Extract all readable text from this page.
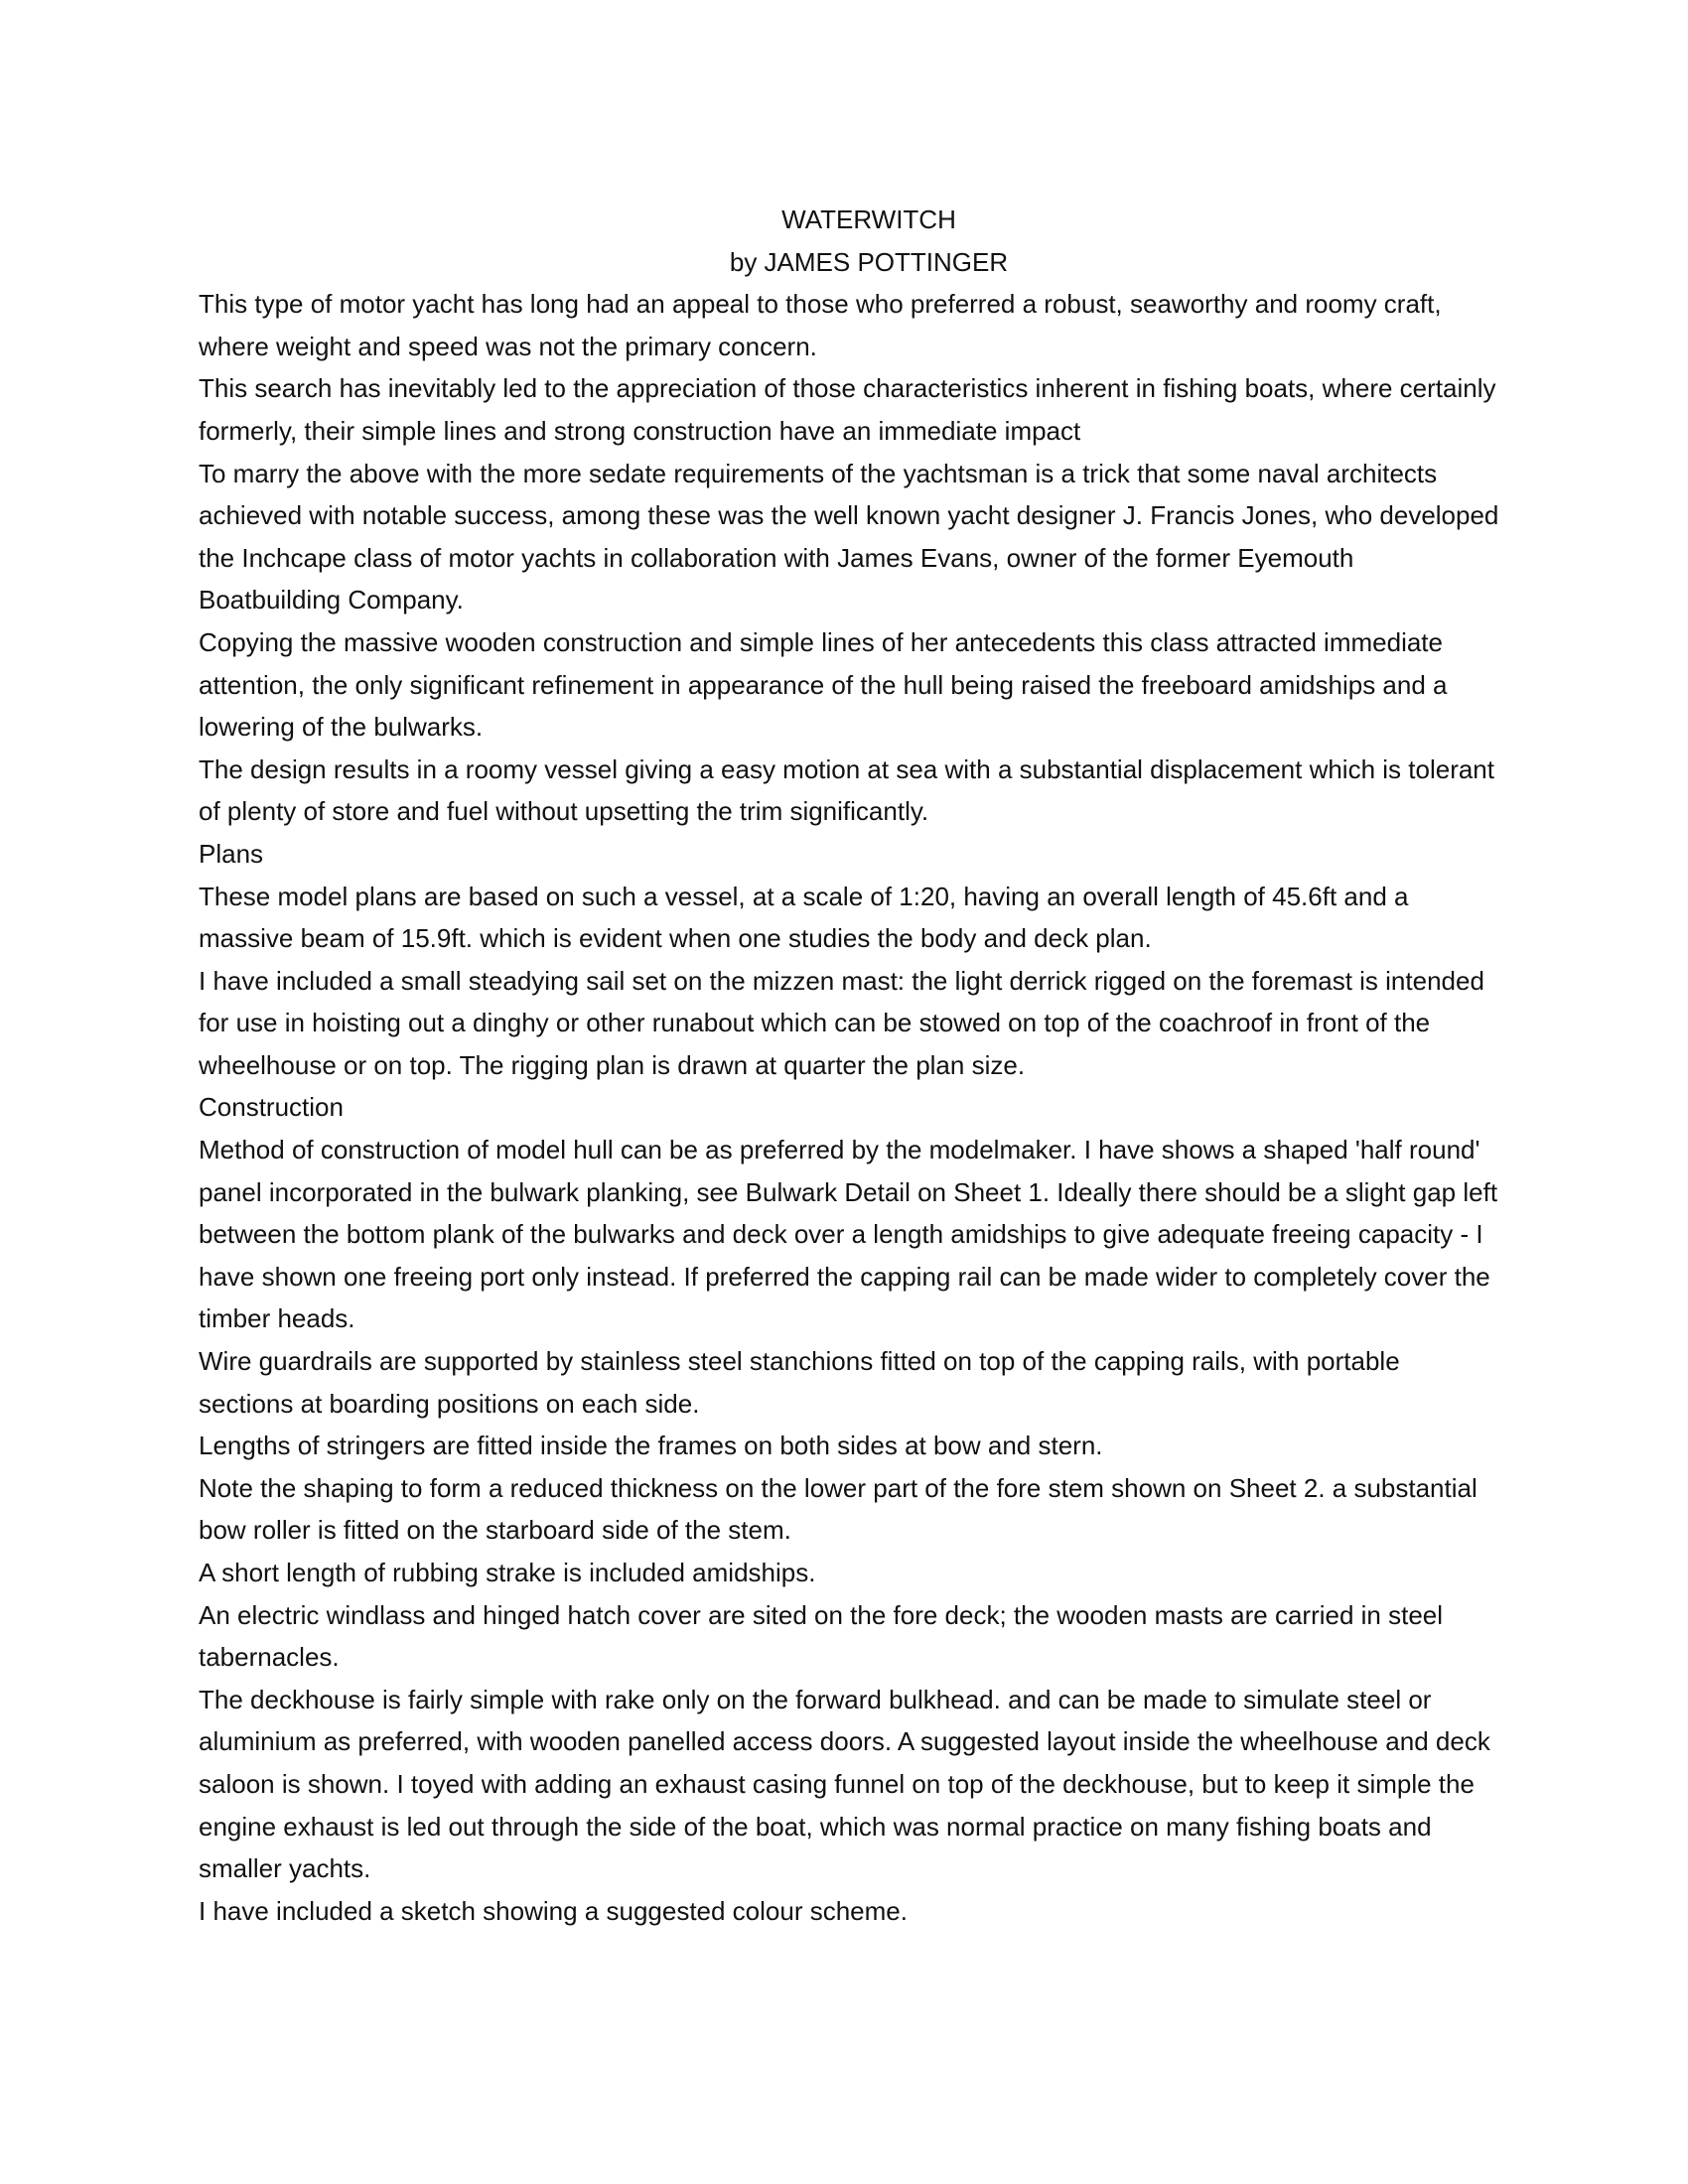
WATERWITCH

by JAMES POTTINGER

This type of motor yacht has long had an appeal to those who preferred a robust, seaworthy and roomy craft, where weight and speed was not the primary concern.

This search has inevitably led to the appreciation of those characteristics inherent in fishing boats, where certainly formerly, their simple lines and strong construction have an immediate impact

To marry the above with the more sedate requirements of the yachtsman is a trick that some naval architects achieved with notable success, among these was the well known yacht designer J. Francis Jones, who developed the Inchcape class of motor yachts in collaboration with James Evans, owner of the former Eyemouth Boatbuilding Company.

Copying the massive wooden construction and simple lines of her antecedents this class attracted immediate attention, the only significant refinement in appearance of the hull being raised the freeboard amidships and a lowering of the bulwarks.

The design results in a roomy vessel giving a easy motion at sea with a substantial displacement which is tolerant of plenty of store and fuel without upsetting the trim significantly.

Plans

These model plans are based on such a vessel, at a scale of 1:20, having an overall length of 45.6ft and a massive beam of 15.9ft. which is evident when one studies the body and deck plan.

I have included a small steadying sail set on the mizzen mast: the light derrick rigged on the foremast is intended for use in hoisting out a dinghy or other runabout which can be stowed on top of the coachroof in front of the wheelhouse or on top. The rigging plan is drawn at quarter the plan size.

Construction

Method of construction of model hull can be as preferred by the modelmaker. I have shows a shaped 'half round' panel incorporated in the bulwark planking, see Bulwark Detail on Sheet 1. Ideally there should be a slight gap left between the bottom plank of the bulwarks and deck over a length amidships to give adequate freeing capacity - I have shown one freeing port only instead. If preferred the capping rail can be made wider to completely cover the timber heads.

Wire guardrails are supported by stainless steel stanchions fitted on top of the capping rails, with portable sections at boarding positions on each side.

Lengths of stringers are fitted inside the frames on both sides at bow and stern.

Note the shaping to form a reduced thickness on the lower part of the fore stem shown on Sheet 2. a substantial bow roller is fitted on the starboard side of the stem.

A short length of rubbing strake is included amidships.

An electric windlass and hinged hatch cover are sited on the fore deck; the wooden masts are carried in steel tabernacles.

The deckhouse is fairly simple with rake only on the forward bulkhead. and can be made to simulate steel or aluminium as preferred, with wooden panelled access doors. A suggested layout inside the wheelhouse and deck saloon is shown. I toyed with adding an exhaust casing funnel on top of the deckhouse, but to keep it simple the engine exhaust is led out through the side of the boat, which was normal practice on many fishing boats and smaller yachts.

I have included a sketch showing a suggested colour scheme.
